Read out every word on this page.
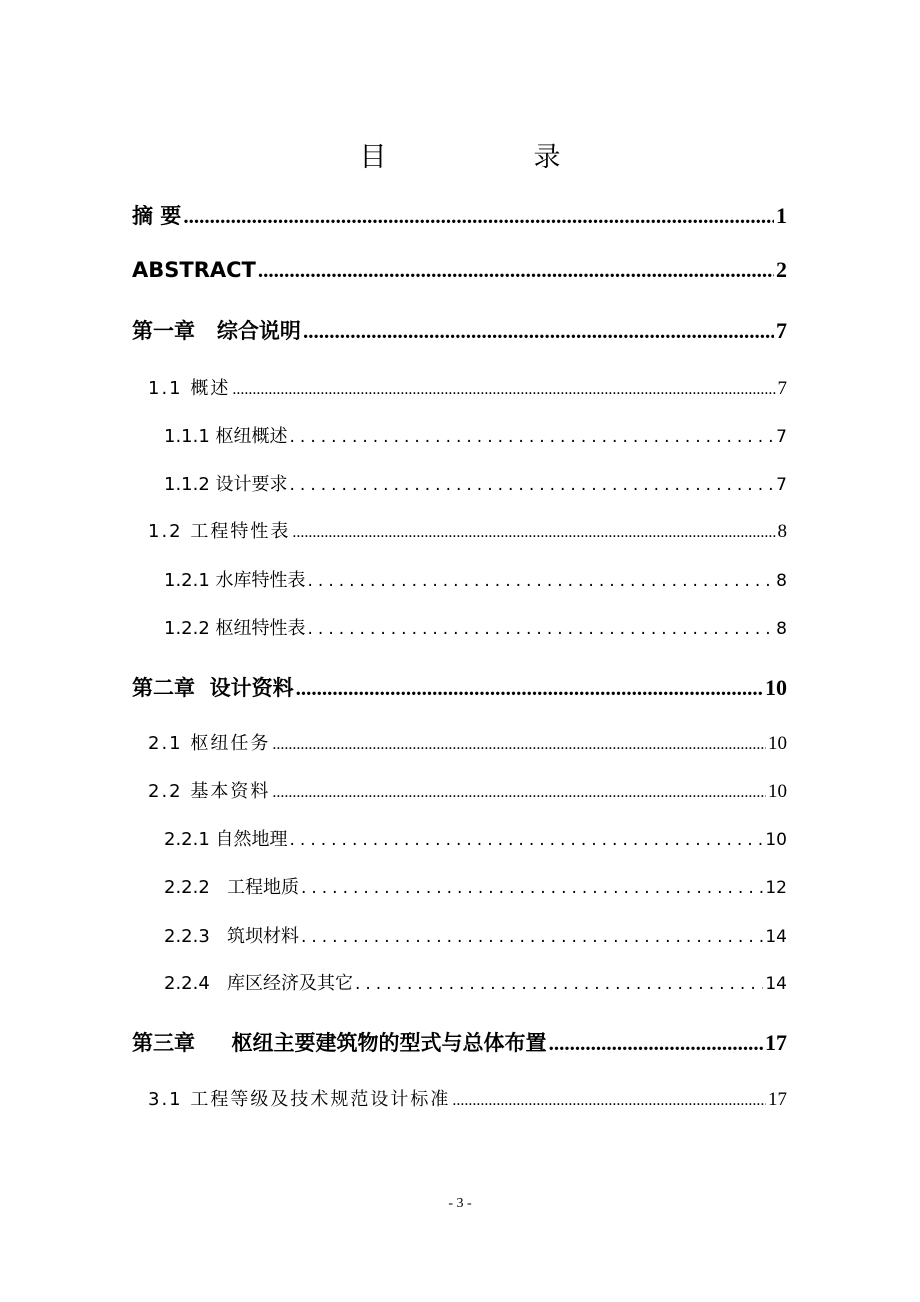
目　录
摘 要 .....	1
ABSTRACT .....	2
第一章   综合说明 .....	7
1.1 概述 .....	7
1.1.1 枢纽概述 .....	7
1.1.2 设计要求 .....	7
1.2 工程特性表 .....	8
1.2.1 水库特性表 .....	8
1.2.2 枢纽特性表 .....	8
第二章  设计资料 .....	10
2.1 枢纽任务 .....	10
2.2 基本资料 .....	10
2.2.1 自然地理 .....	10
2.2.2   工程地质 .....	12
2.2.3   筑坝材料 .....	14
2.2.4   库区经济及其它 .....	14
第三章     枢纽主要建筑物的型式与总体布置 .....	17
3.1 工程等级及技术规范设计标准 .....	17
- 3 -
